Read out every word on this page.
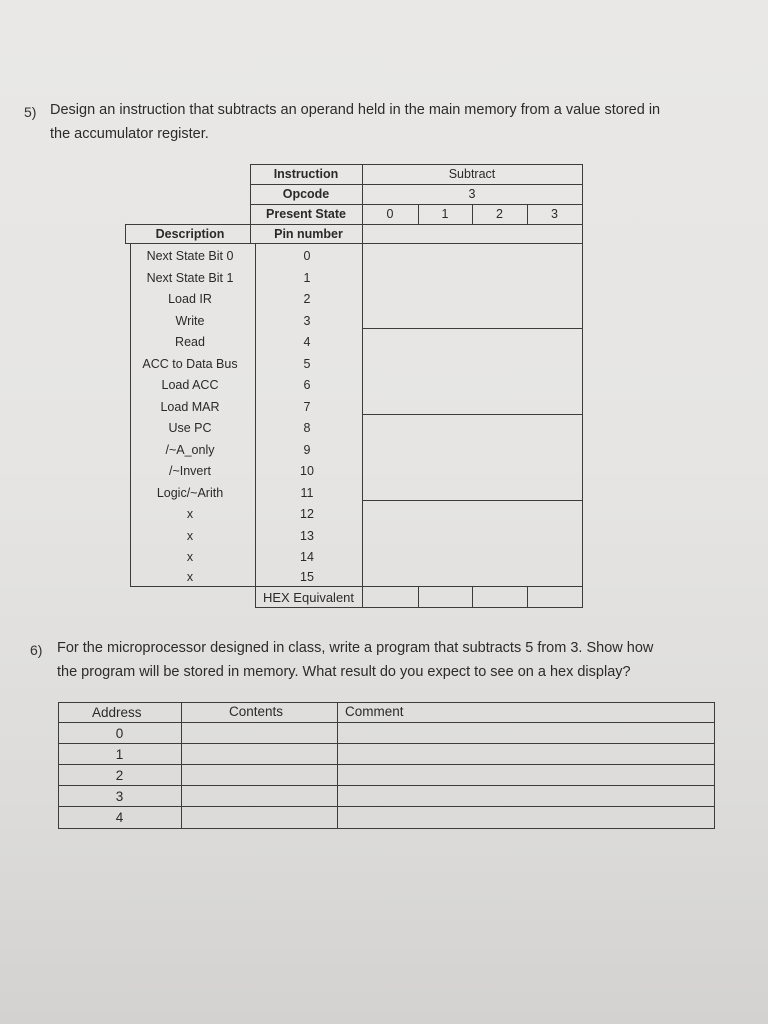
5) Design an instruction that subtracts an operand held in the main memory from a value stored in
the accumulator register.
Instruction	Subtract
Opcode	3
Present State	0	1	2	3
Description	Pin number
Next State Bit 0	0
Next State Bit 1	1
Load IR	2
Write	3
Read	4
ACC to Data Bus	5
Load ACC	6
Load MAR	7
Use PC	8
/~A_only	9
/~Invert	10
Logic/~Arith	11
x	12
x	13
x	14
x	15
HEX Equivalent
6) For the microprocessor designed in class, write a program that subtracts 5 from 3. Show how
the program will be stored in memory. What result do you expect to see on a hex display?
Address	Contents	Comment
0
1
2
3
4
